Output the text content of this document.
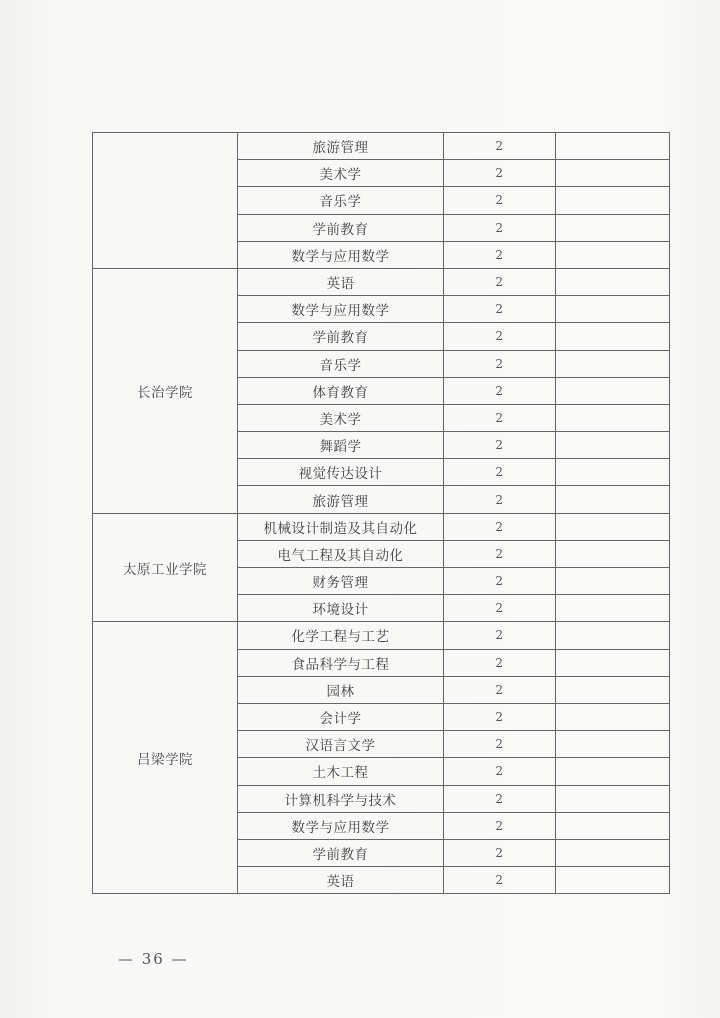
	旅游管理	2	
	美术学	2	
	音乐学	2	
	学前教育	2	
	数学与应用数学	2	
长治学院	英语	2	
	数学与应用数学	2	
	学前教育	2	
	音乐学	2	
	体育教育	2	
	美术学	2	
	舞蹈学	2	
	视觉传达设计	2	
	旅游管理	2	
太原工业学院	机械设计制造及其自动化	2	
	电气工程及其自动化	2	
	财务管理	2	
	环境设计	2	
吕梁学院	化学工程与工艺	2	
	食品科学与工程	2	
	园林	2	
	会计学	2	
	汉语言文学	2	
	土木工程	2	
	计算机科学与技术	2	
	数学与应用数学	2	
	学前教育	2	
	英语	2	
— 36 —
